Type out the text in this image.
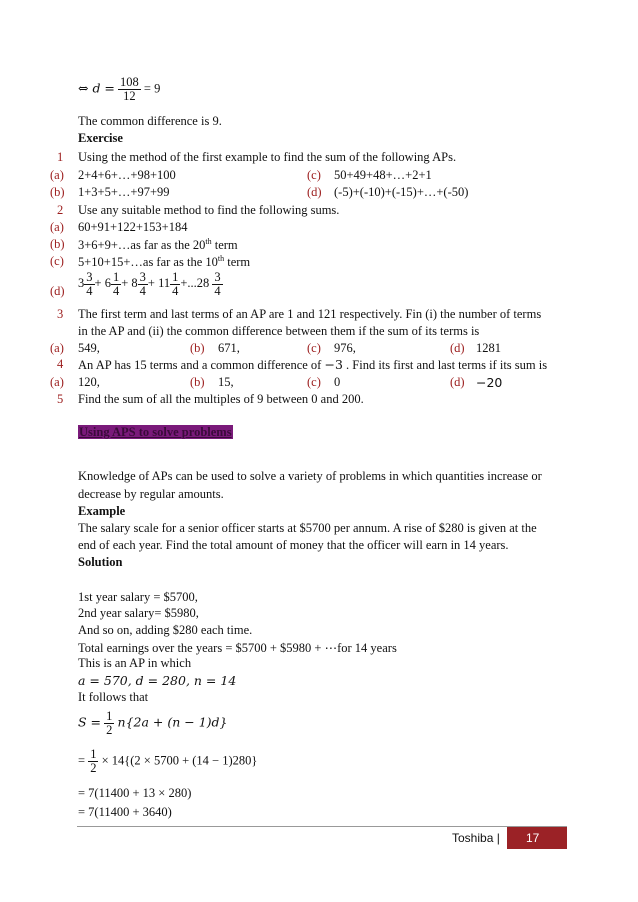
⇔ $d = \frac{108}{12} = 9$
The common difference is 9.
Exercise
1 Using the method of the first example to find the sum of the following APs.
(a) 2+4+6+…+98+100	(c) 50+49+48+…+2+1
(b) 1+3+5+…+97+99	(d) (-5)+(-10)+(-15)+…+(-50)
2 Use any suitable method to find the following sums.
(a) 60+91+122+153+184
(b) 3+6+9+…as far as the 20th term
(c) 5+10+15+…as far as the 10th term
(d)
$3 \frac{3}{4} + 6 \frac{1}{4} + 8 \frac{3}{4} + 11 \frac{1}{4} +...28 \frac{3}{4}$
3 The first term and last terms of an AP are 1 and 121 respectively. Fin (i) the number of terms
in the AP and (ii) the common difference between them if the sum of its terms is
(a) 549,	(b) 671,	(c) 976,	(d) 1281
4 An AP has 15 terms and a common difference of −3 . Find its first and last terms if its sum is
(a) 120,	(b) 15,	(c) 0	(d) −20
5 Find the sum of all the multiples of 9 between 0 and 200.
Using APS to solve problems
Knowledge of APs can be used to solve a variety of problems in which quantities increase or
decrease by regular amounts.
Example
The salary scale for a senior officer starts at $5700 per annum. A rise of $280 is given at the
end of each year. Find the total amount of money that the officer will earn in 14 years.
Solution
1st year salary = $5700,
2nd year salary= $5980,
And so on, adding $280 each time.
Total earnings over the years = $5700 + $5980 + ⋯for 14 years
This is an AP in which
a = 570, d = 280, n = 14
It follows that
$S = \frac{1}{2} n\{2a + (n - 1)d\}$
= $\frac{1}{2} \times 14\{(2 \times 5700 + (14 - 1)280\}$
= 7(11400 + 13 × 280)
= 7(11400 + 3640)
Toshiba | 17
